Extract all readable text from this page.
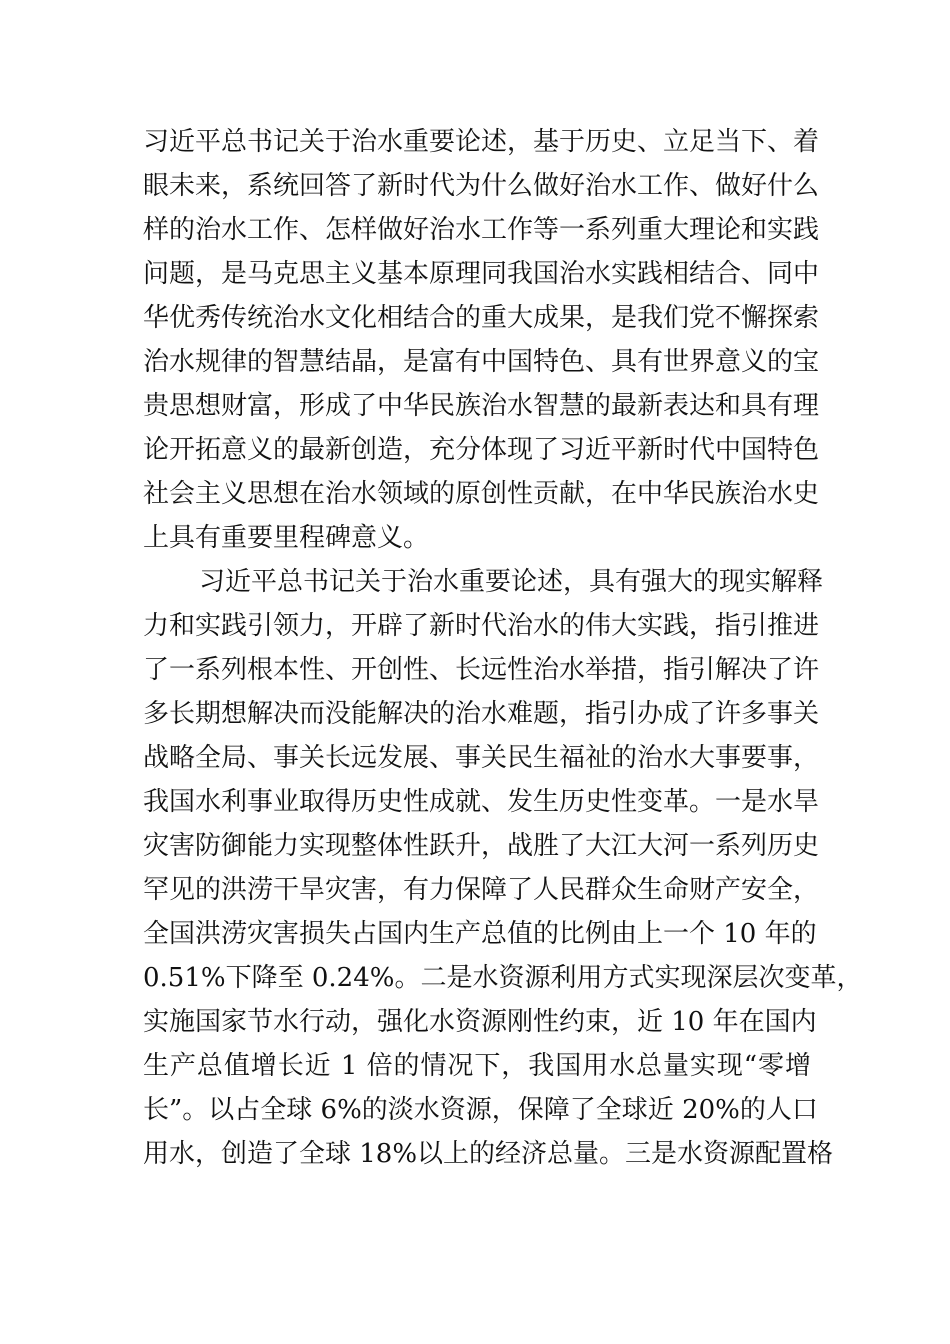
习近平总书记关于治水重要论述，基于历史、立足当下、着
眼未来，系统回答了新时代为什么做好治水工作、做好什么
样的治水工作、怎样做好治水工作等一系列重大理论和实践
问题，是马克思主义基本原理同我国治水实践相结合、同中
华优秀传统治水文化相结合的重大成果，是我们党不懈探索
治水规律的智慧结晶，是富有中国特色、具有世界意义的宝
贵思想财富，形成了中华民族治水智慧的最新表达和具有理
论开拓意义的最新创造，充分体现了习近平新时代中国特色
社会主义思想在治水领域的原创性贡献，在中华民族治水史
上具有重要里程碑意义。
习近平总书记关于治水重要论述，具有强大的现实解释
力和实践引领力，开辟了新时代治水的伟大实践，指引推进
了一系列根本性、开创性、长远性治水举措，指引解决了许
多长期想解决而没能解决的治水难题，指引办成了许多事关
战略全局、事关长远发展、事关民生福祉的治水大事要事，
我国水利事业取得历史性成就、发生历史性变革。一是水旱
灾害防御能力实现整体性跃升，战胜了大江大河一系列历史
罕见的洪涝干旱灾害，有力保障了人民群众生命财产安全，
全国洪涝灾害损失占国内生产总值的比例由上一个 10 年的
0.51%下降至 0.24%。二是水资源利用方式实现深层次变革，
实施国家节水行动，强化水资源刚性约束，近 10 年在国内
生产总值增长近 1 倍的情况下，我国用水总量实现“零增
长”。以占全球 6%的淡水资源，保障了全球近 20%的人口
用水，创造了全球 18%以上的经济总量。三是水资源配置格
